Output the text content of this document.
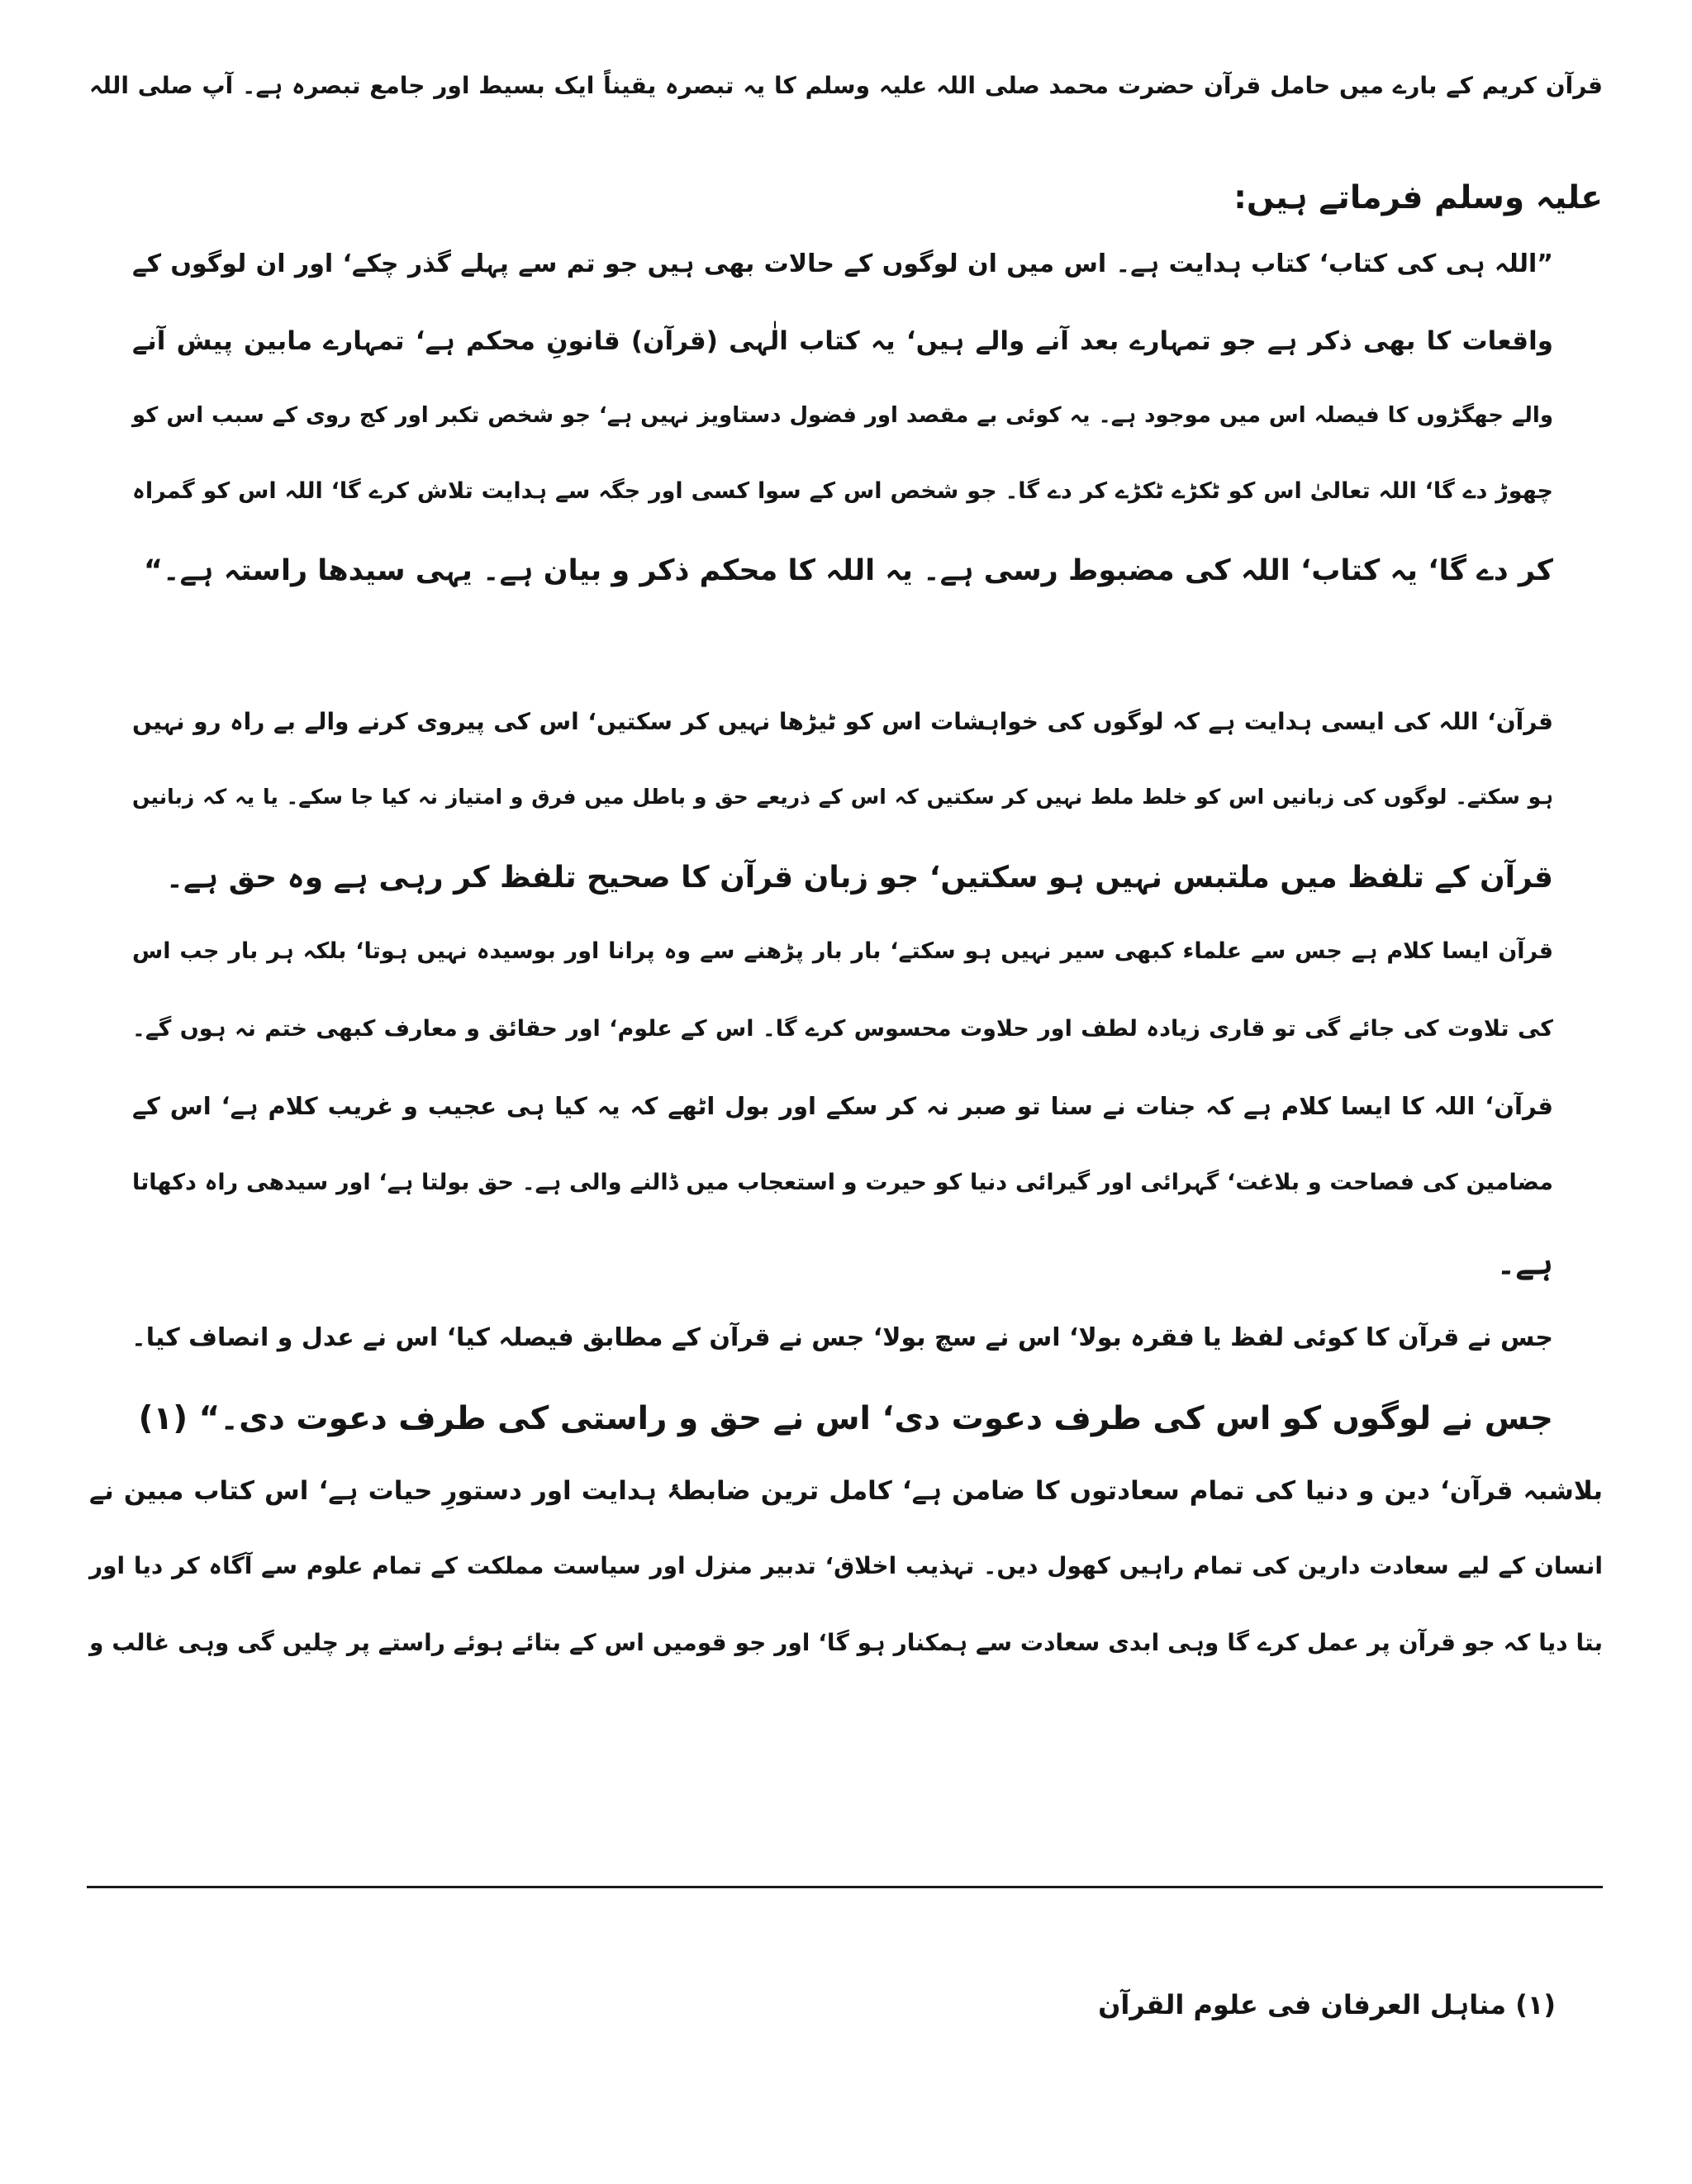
قرآن کریم کے بارے میں حامل قرآن حضرت محمد صلی اللہ علیہ وسلم کا یہ تبصرہ یقیناً ایک بسیط اور جامع تبصرہ ہے۔ آپ صلی اللہ
علیہ وسلم فرماتے ہیں:
”اللہ ہی کی کتاب‘ کتاب ہدایت ہے۔ اس میں ان لوگوں کے حالات بھی ہیں جو تم سے پہلے گذر چکے‘ اور ان لوگوں کے
واقعات کا بھی ذکر ہے جو تمہارے بعد آنے والے ہیں‘ یہ کتاب الٰہی (قرآن) قانونِ محکم ہے‘ تمہارے مابین پیش آنے
والے جھگڑوں کا فیصلہ اس میں موجود ہے۔ یہ کوئی بے مقصد اور فضول دستاویز نہیں ہے‘ جو شخص تکبر اور کج روی کے سبب اس کو
چھوڑ دے گا‘ اللہ تعالیٰ اس کو ٹکڑے ٹکڑے کر دے گا۔ جو شخص اس کے سوا کسی اور جگہ سے ہدایت تلاش کرے گا‘ اللہ اس کو گمراہ
کر دے گا‘ یہ کتاب‘ اللہ کی مضبوط رسی ہے۔ یہ اللہ کا محکم ذکر و بیان ہے۔ یہی سیدھا راستہ ہے۔“
قرآن‘ اللہ کی ایسی ہدایت ہے کہ لوگوں کی خواہشات اس کو ٹیڑھا نہیں کر سکتیں‘ اس کی پیروی کرنے والے بے راہ رو نہیں
ہو سکتے۔ لوگوں کی زبانیں اس کو خلط ملط نہیں کر سکتیں کہ اس کے ذریعے حق و باطل میں فرق و امتیاز نہ کیا جا سکے۔ یا یہ کہ زبانیں
قرآن کے تلفظ میں ملتبس نہیں ہو سکتیں‘ جو زبان قرآن کا صحیح تلفظ کر رہی ہے وہ حق ہے۔
قرآن ایسا کلام ہے جس سے علماء کبھی سیر نہیں ہو سکتے‘ بار بار پڑھنے سے وہ پرانا اور بوسیدہ نہیں ہوتا‘ بلکہ ہر بار جب اس
کی تلاوت کی جائے گی تو قاری زیادہ لطف اور حلاوت محسوس کرے گا۔ اس کے علوم‘ اور حقائق و معارف کبھی ختم نہ ہوں گے۔
قرآن‘ اللہ کا ایسا کلام ہے کہ جنات نے سنا تو صبر نہ کر سکے اور بول اٹھے کہ یہ کیا ہی عجیب و غریب کلام ہے‘ اس کے
مضامین کی فصاحت و بلاغت‘ گہرائی اور گیرائی دنیا کو حیرت و استعجاب میں ڈالنے والی ہے۔ حق بولتا ہے‘ اور سیدھی راہ دکھاتا
ہے۔
جس نے قرآن کا کوئی لفظ یا فقرہ بولا‘ اس نے سچ بولا‘ جس نے قرآن کے مطابق فیصلہ کیا‘ اس نے عدل و انصاف کیا۔
جس نے لوگوں کو اس کی طرف دعوت دی‘ اس نے حق و راستی کی طرف دعوت دی۔“ (۱)
بلاشبہ قرآن‘ دین و دنیا کی تمام سعادتوں کا ضامن ہے‘ کامل ترین ضابطۂ ہدایت اور دستورِ حیات ہے‘ اس کتاب مبین نے
انسان کے لیے سعادت دارین کی تمام راہیں کھول دیں۔ تہذیب اخلاق‘ تدبیر منزل اور سیاست مملکت کے تمام علوم سے آگاہ کر دیا اور
بتا دیا کہ جو قرآن پر عمل کرے گا وہی ابدی سعادت سے ہمکنار ہو گا‘ اور جو قومیں اس کے بتائے ہوئے راستے پر چلیں گی وہی غالب و
(۱) مناہل العرفان فی علوم القرآن
